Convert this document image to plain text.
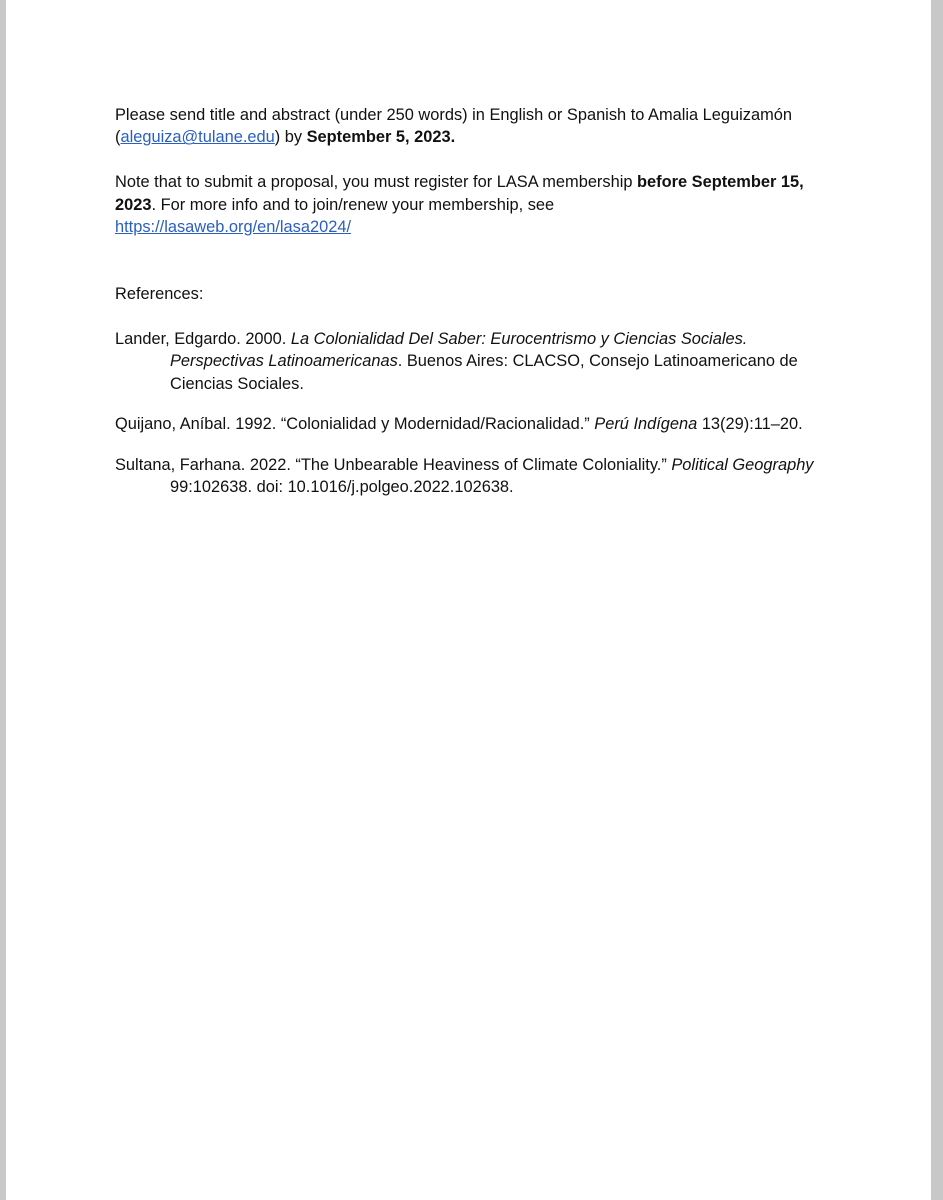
Please send title and abstract (under 250 words) in English or Spanish to Amalia Leguizamón (aleguiza@tulane.edu) by September 5, 2023.

Note that to submit a proposal, you must register for LASA membership before September 15, 2023. For more info and to join/renew your membership, see
https://lasaweb.org/en/lasa2024/

References:

Lander, Edgardo. 2000. La Colonialidad Del Saber: Eurocentrismo y Ciencias Sociales. Perspectivas Latinoamericanas. Buenos Aires: CLACSO, Consejo Latinoamericano de Ciencias Sociales.

Quijano, Aníbal. 1992. “Colonialidad y Modernidad/Racionalidad.” Perú Indígena 13(29):11–20.

Sultana, Farhana. 2022. “The Unbearable Heaviness of Climate Coloniality.” Political Geography 99:102638. doi: 10.1016/j.polgeo.2022.102638.
